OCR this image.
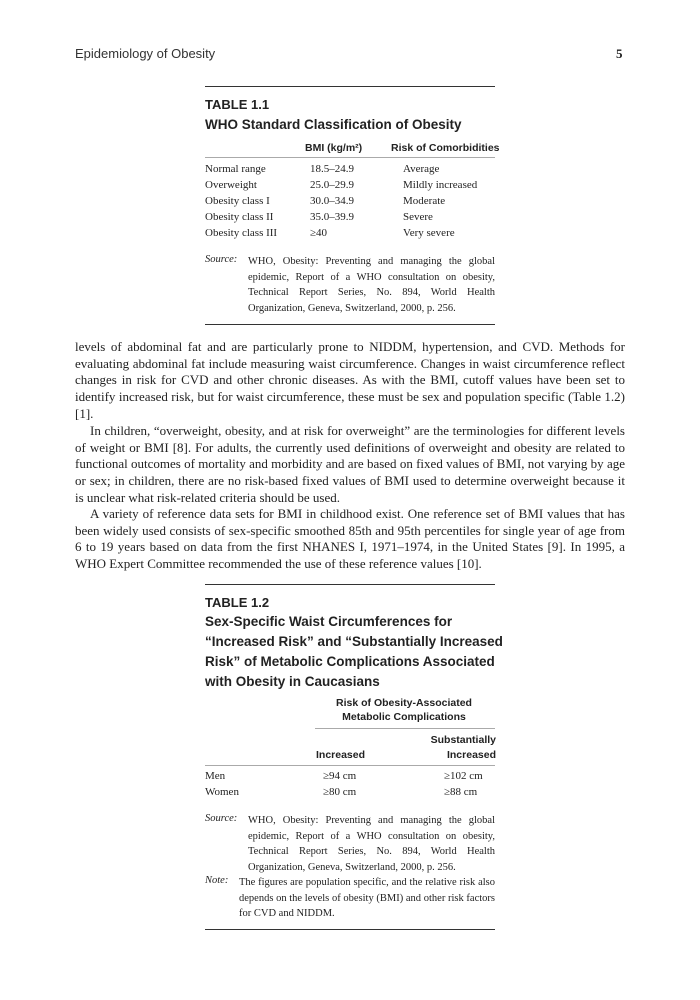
Epidemiology of Obesity	5
TABLE 1.1
WHO Standard Classification of Obesity
BMI (kg/m²)	Risk of Comorbidities
Normal range	18.5–24.9	Average
Overweight	25.0–29.9	Mildly increased
Obesity class I	30.0–34.9	Moderate
Obesity class II	35.0–39.9	Severe
Obesity class III	≥40	Very severe
Source: WHO, Obesity: Preventing and managing the global epidemic, Report of a WHO consultation on obesity, Technical Report Series, No. 894, World Health Organization, Geneva, Switzerland, 2000, p. 256.

levels of abdominal fat and are particularly prone to NIDDM, hypertension, and CVD. Methods for evaluating abdominal fat include measuring waist circumference. Changes in waist circumference reflect changes in risk for CVD and other chronic diseases. As with the BMI, cutoff values have been set to identify increased risk, but for waist circumference, these must be sex and population specific (Table 1.2) [1].

In children, “overweight, obesity, and at risk for overweight” are the terminologies for different levels of weight or BMI [8]. For adults, the currently used definitions of overweight and obesity are related to functional outcomes of mortality and morbidity and are based on fixed values of BMI, not varying by age or sex; in children, there are no risk-based fixed values of BMI used to determine overweight because it is unclear what risk-related criteria should be used.

A variety of reference data sets for BMI in childhood exist. One reference set of BMI values that has been widely used consists of sex-specific smoothed 85th and 95th percentiles for single year of age from 6 to 19 years based on data from the first NHANES I, 1971–1974, in the United States [9]. In 1995, a WHO Expert Committee recommended the use of these reference values [10].

TABLE 1.2
Sex-Specific Waist Circumferences for
“Increased Risk” and “Substantially Increased
Risk” of Metabolic Complications Associated
with Obesity in Caucasians
Risk of Obesity-Associated
Metabolic Complications
Substantially
Increased	Increased
Men	≥94 cm	≥102 cm
Women	≥80 cm	≥88 cm
Source: WHO, Obesity: Preventing and managing the global epidemic, Report of a WHO consultation on obesity, Technical Report Series, No. 894, World Health Organization, Geneva, Switzerland, 2000, p. 256.
Note: The figures are population specific, and the relative risk also depends on the levels of obesity (BMI) and other risk factors for CVD and NIDDM.
